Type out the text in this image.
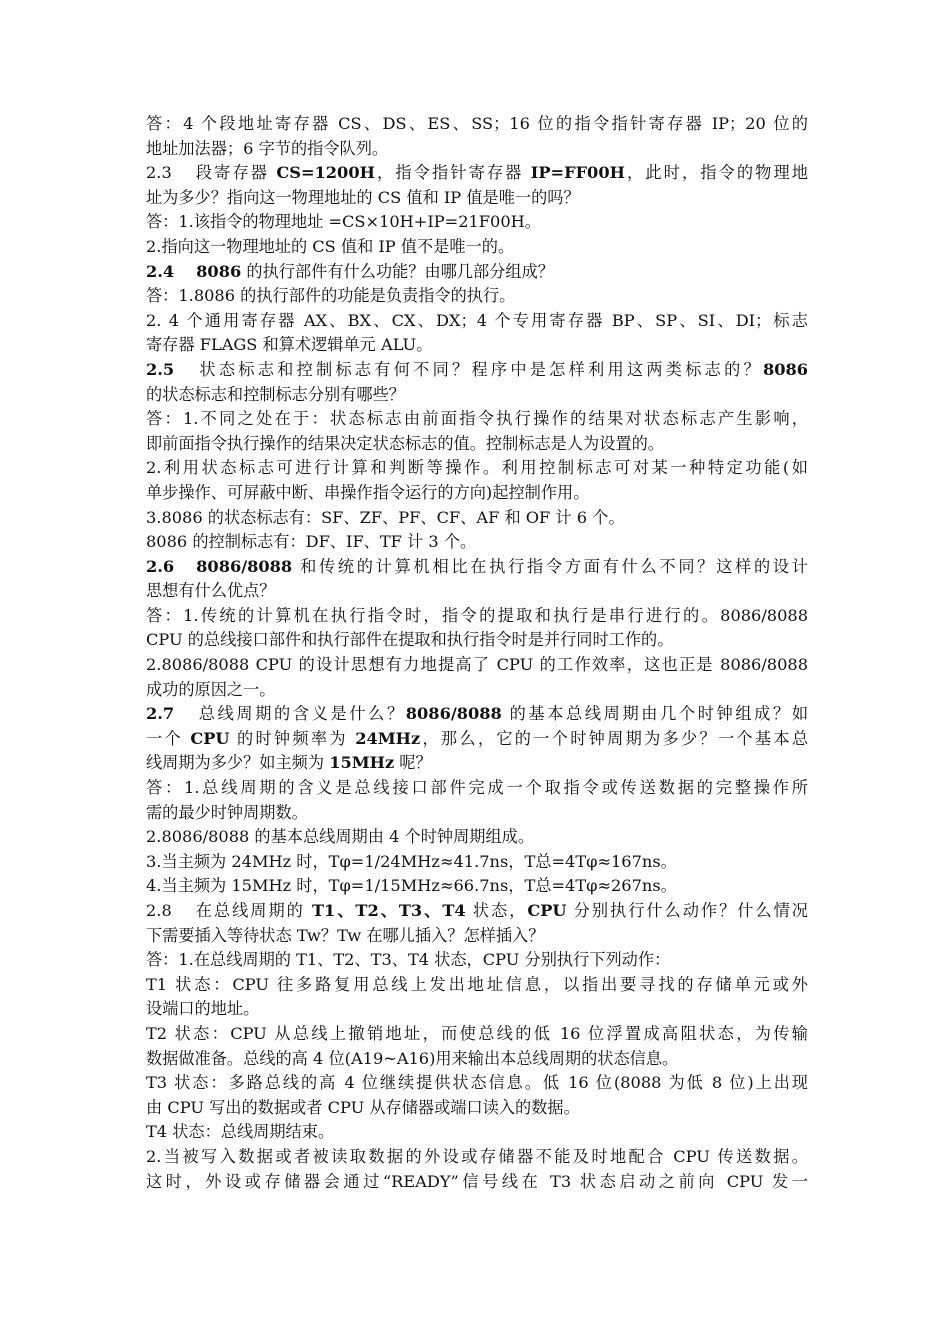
答：4 个段地址寄存器 CS、DS、ES、SS；16 位的指令指针寄存器 IP；20 位的
地址加法器；6 字节的指令队列。
2.3 段寄存器 CS=1200H，指令指针寄存器 IP=FF00H，此时，指令的物理地
址为多少？指向这一物理地址的 CS 值和 IP 值是唯一的吗？
答：1.该指令的物理地址 =CS×10H+IP=21F00H。
2.指向这一物理地址的 CS 值和 IP 值不是唯一的。
2.4 8086 的执行部件有什么功能？由哪几部分组成？
答：1.8086 的执行部件的功能是负责指令的执行。
2. 4 个通用寄存器 AX、BX、CX、DX；4 个专用寄存器 BP、SP、SI、DI；标志
寄存器 FLAGS 和算术逻辑单元 ALU。
2.5 状态标志和控制标志有何不同？程序中是怎样利用这两类标志的？8086
的状态标志和控制标志分别有哪些？
答：1.不同之处在于：状态标志由前面指令执行操作的结果对状态标志产生影响，
即前面指令执行操作的结果决定状态标志的值。控制标志是人为设置的。
2.利用状态标志可进行计算和判断等操作。利用控制标志可对某一种特定功能(如
单步操作、可屏蔽中断、串操作指令运行的方向)起控制作用。
3.8086 的状态标志有：SF、ZF、PF、CF、AF 和 OF 计 6 个。
8086 的控制标志有：DF、IF、TF 计 3 个。
2.6 8086/8088 和传统的计算机相比在执行指令方面有什么不同？这样的设计
思想有什么优点？
答：1.传统的计算机在执行指令时，指令的提取和执行是串行进行的。8086/8088
CPU 的总线接口部件和执行部件在提取和执行指令时是并行同时工作的。
2.8086/8088 CPU 的设计思想有力地提高了 CPU 的工作效率，这也正是 8086/8088
成功的原因之一。
2.7 总线周期的含义是什么？8086/8088 的基本总线周期由几个时钟组成？如
一个 CPU 的时钟频率为 24MHz，那么，它的一个时钟周期为多少？一个基本总
线周期为多少？如主频为 15MHz 呢？
答：1.总线周期的含义是总线接口部件完成一个取指令或传送数据的完整操作所
需的最少时钟周期数。
2.8086/8088 的基本总线周期由 4 个时钟周期组成。
3.当主频为 24MHz 时，Tφ=1/24MHz≈41.7ns，T总=4Tφ≈167ns。
4.当主频为 15MHz 时，Tφ=1/15MHz≈66.7ns，T总=4Tφ≈267ns。
2.8 在总线周期的 T1、T2、T3、T4 状态，CPU 分别执行什么动作？什么情况
下需要插入等待状态 Tw？Tw 在哪儿插入？怎样插入？
答：1.在总线周期的 T1、T2、T3、T4 状态，CPU 分别执行下列动作：
T1 状态：CPU 往多路复用总线上发出地址信息，以指出要寻找的存储单元或外
设端口的地址。
T2 状态：CPU 从总线上撤销地址，而使总线的低 16 位浮置成高阻状态，为传输
数据做准备。总线的高 4 位(A19~A16)用来输出本总线周期的状态信息。
T3 状态：多路总线的高 4 位继续提供状态信息。低 16 位(8088 为低 8 位)上出现
由 CPU 写出的数据或者 CPU 从存储器或端口读入的数据。
T4 状态：总线周期结束。
2.当被写入数据或者被读取数据的外设或存储器不能及时地配合 CPU 传送数据。
这时，外设或存储器会通过“READY”信号线在 T3 状态启动之前向 CPU 发一
